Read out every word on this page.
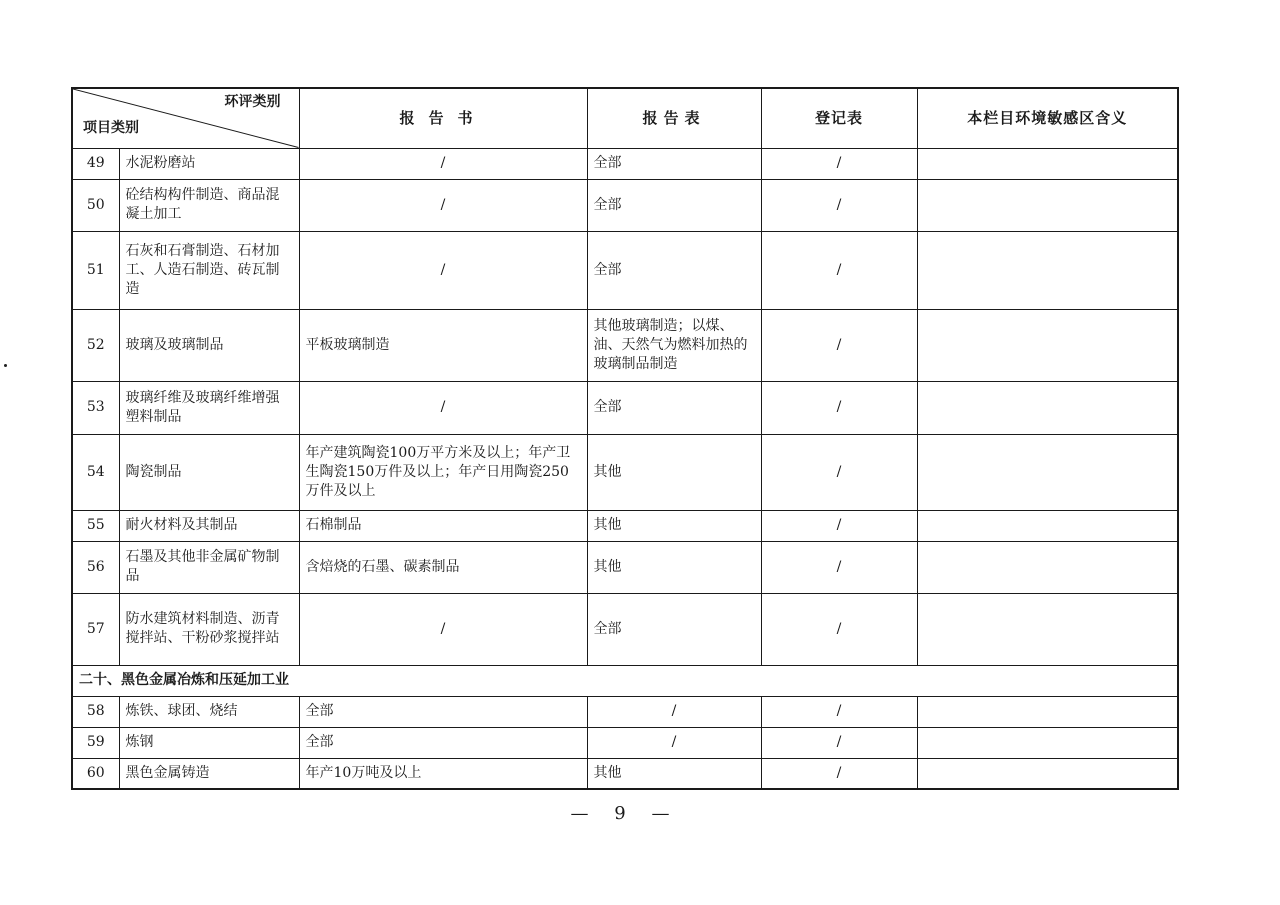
环评类别
项目类别		报告书	报告表	登记表	本栏目环境敏感区含义
49	水泥粉磨站	/	全部	/	
50	砼结构构件制造、商品混凝土加工	/	全部	/	
51	石灰和石膏制造、石材加工、人造石制造、砖瓦制造	/	全部	/	
52	玻璃及玻璃制品	平板玻璃制造	其他玻璃制造；以煤、油、天然气为燃料加热的玻璃制品制造	/	
53	玻璃纤维及玻璃纤维增强塑料制品	/	全部	/	
54	陶瓷制品	年产建筑陶瓷100万平方米及以上；年产卫生陶瓷150万件及以上；年产日用陶瓷250万件及以上	其他	/	
55	耐火材料及其制品	石棉制品	其他	/	
56	石墨及其他非金属矿物制品	含焙烧的石墨、碳素制品	其他	/	
57	防水建筑材料制造、沥青搅拌站、干粉砂浆搅拌站	/	全部	/	
二十、黑色金属冶炼和压延加工业					
58	炼铁、球团、烧结	全部	/	/	
59	炼钢	全部	/	/	
60	黑色金属铸造	年产10万吨及以上	其他	/	
— 9 —
